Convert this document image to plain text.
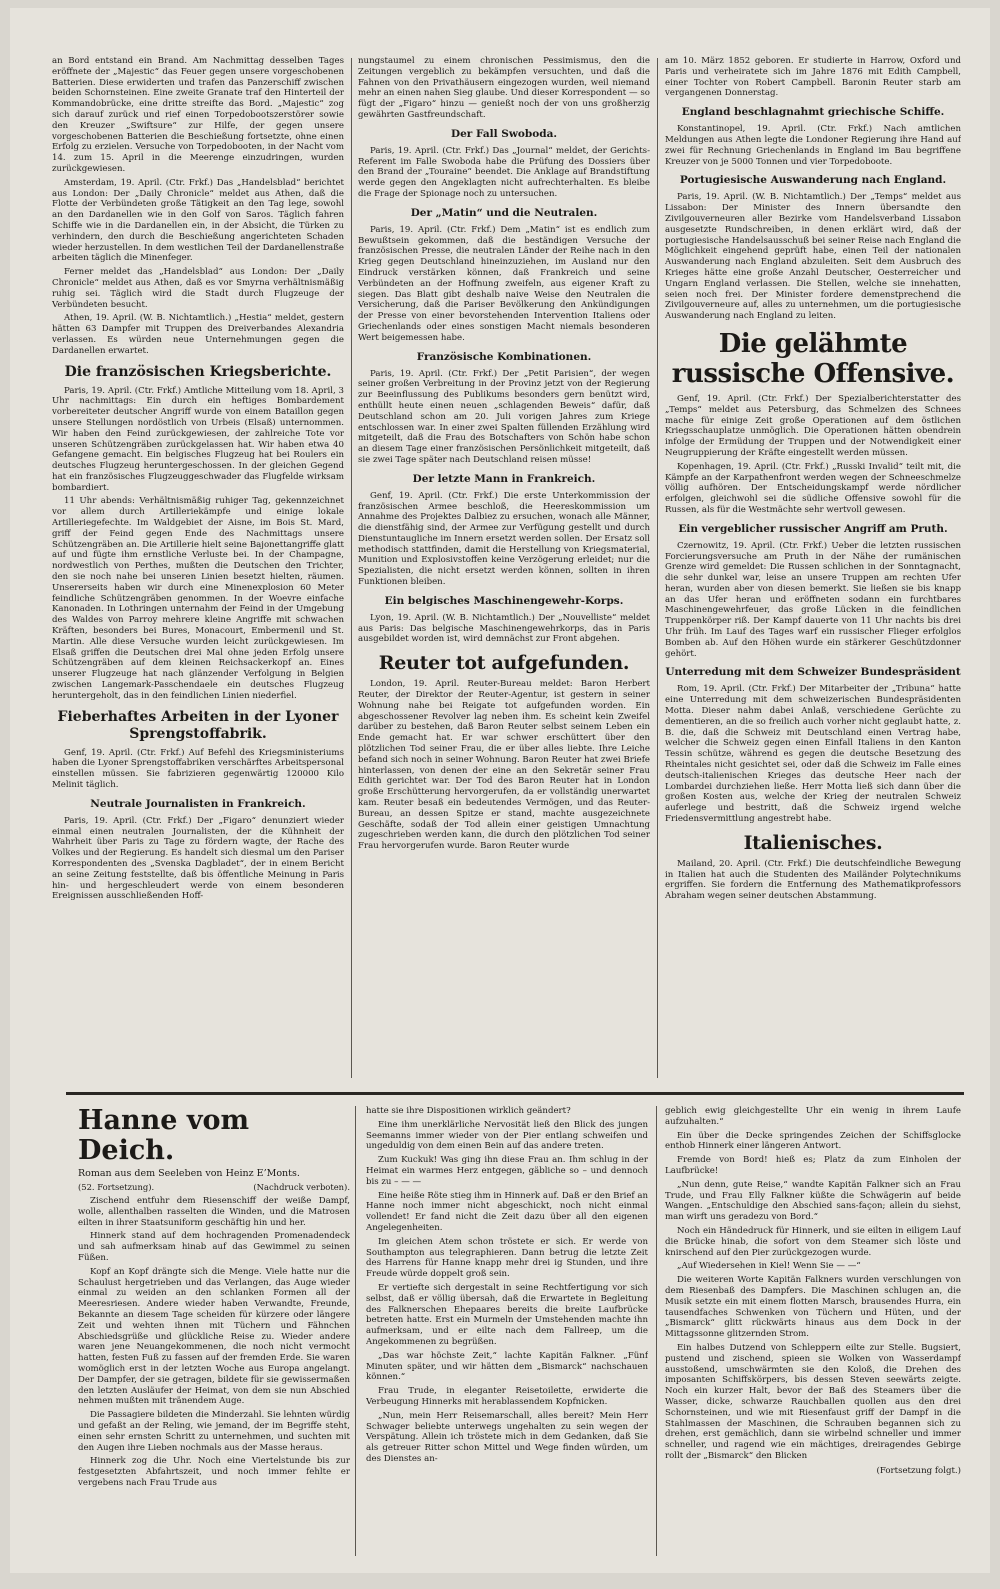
an Bord entstand ein Brand. Am Nachmittag desselben Tages eröffnete der „Majestic“ das Feuer gegen unsere vorgeschobenen Batterien. Diese erwiderten und trafen das Panzerschiff zwischen beiden Schornsteinen. Eine zweite Granate traf den Hinterteil der Kommandobrücke, eine dritte streifte das Bord. „Majestic“ zog sich darauf zurück und rief einen Torpedobootszerstörer sowie den Kreuzer „Swiftsure“ zur Hilfe, der gegen unsere vorgeschobenen Batterien die Beschießung fortsetzte, ohne einen Erfolg zu erzielen. Versuche von Torpedobooten, in der Nacht vom 14. zum 15. April in die Meerenge einzudringen, wurden zurückgewiesen.

Amsterdam, 19. April. (Ctr. Frkf.) Das „Handelsblad“ berichtet aus London: Der „Daily Chronicle“ meldet aus Athen, daß die Flotte der Verbündeten große Tätigkeit an den Tag lege, sowohl an den Dardanellen wie in den Golf von Saros. Täglich fahren Schiffe wie in die Dardanellen ein, in der Absicht, die Türken zu verhindern, den durch die Beschießung angerichteten Schaden wieder herzustellen. In dem westlichen Teil der Dardanellenstraße arbeiten täglich die Minenfeger.

Ferner meldet das „Handelsblad“ aus London: Der „Daily Chronicle“ meldet aus Athen, daß es vor Smyrna verhältnismäßig ruhig sei. Täglich wird die Stadt durch Flugzeuge der Verbündeten besucht.

Athen, 19. April. (W. B. Nichtamtlich.) „Hestia“ meldet, gestern hätten 63 Dampfer mit Truppen des Dreiverbandes Alexandria verlassen. Es würden neue Unternehmungen gegen die Dardanellen erwartet.

Die französischen Kriegsberichte.

Paris, 19. April. (Ctr. Frkf.) Amtliche Mitteilung vom 18. April, 3 Uhr nachmittags: Ein durch ein heftiges Bombardement vorbereiteter deutscher Angriff wurde von einem Bataillon gegen unsere Stellungen nordöstlich von Urbeis (Elsaß) unternommen. Wir haben den Feind zurückgewiesen, der zahlreiche Tote vor unseren Schützengräben zurückgelassen hat. Wir haben etwa 40 Gefangene gemacht. Ein belgisches Flugzeug hat bei Roulers ein deutsches Flugzeug heruntergeschossen. In der gleichen Gegend hat ein französisches Flugzeuggeschwader das Flugfelde wirksam bombardiert.

11 Uhr abends: Verhältnismäßig ruhiger Tag, gekennzeichnet vor allem durch Artilleriekämpfe und einige lokale Artilleriegefechte. Im Waldgebiet der Aisne, im Bois St. Mard, griff der Feind gegen Ende des Nachmittags unsere Schützengräben an. Die Artillerie hielt seine Bajonettangriffe glatt auf und fügte ihm ernstliche Verluste bei. In der Champagne, nordwestlich von Perthes, mußten die Deutschen den Trichter, den sie noch nahe bei unseren Linien besetzt hielten, räumen. Unsererseits haben wir durch eine Minenexplosion 60 Meter feindliche Schützengräben genommen. In der Woevre einfache Kanonaden. In Lothringen unternahm der Feind in der Umgebung des Waldes von Parroy mehrere kleine Angriffe mit schwachen Kräften, besonders bei Bures, Monacourt, Embermenil und St. Martin. Alle diese Versuche wurden leicht zurückgewiesen. Im Elsaß griffen die Deutschen drei Mal ohne jeden Erfolg unsere Schützengräben auf dem kleinen Reichsackerkopf an. Eines unserer Flugzeuge hat nach glänzender Verfolgung in Belgien zwischen Langemark-Passchendaele ein deutsches Flugzeug heruntergeholt, das in den feindlichen Linien niederfiel.

Fieberhaftes Arbeiten in der Lyoner Sprengstoffabrik.

Genf, 19. April. (Ctr. Frkf.) Auf Befehl des Kriegsministeriums haben die Lyoner Sprengstoffabriken verschärftes Arbeitspersonal einstellen müssen. Sie fabrizieren gegenwärtig 120000 Kilo Melinit täglich.

Neutrale Journalisten in Frankreich.

Paris, 19. April. (Ctr. Frkf.) Der „Figaro“ denunziert wieder einmal einen neutralen Journalisten, der die Kühnheit der Wahrheit über Paris zu Tage zu fördern wagte, der Rache des Volkes und der Regierung. Es handelt sich diesmal um den Pariser Korrespondenten des „Svenska Dagbladet“, der in einem Bericht an seine Zeitung feststellte, daß bis öffentliche Meinung in Paris hin- und hergeschleudert werde von einem besonderen Ereignissen ausschließenden Hoff-

nungstaumel zu einem chronischen Pessimismus, den die Zeitungen vergeblich zu bekämpfen versuchten, und daß die Fahnen von den Privathäusern eingezogen wurden, weil niemand mehr an einen nahen Sieg glaube. Und dieser Korrespondent — so fügt der „Figaro“ hinzu — genießt noch der von uns großherzig gewährten Gastfreundschaft.

Der Fall Swoboda.

Paris, 19. April. (Ctr. Frkf.) Das „Journal“ meldet, der Gerichts-Referent im Falle Swoboda habe die Prüfung des Dossiers über den Brand der „Touraine“ beendet. Die Anklage auf Brandstiftung werde gegen den Angeklagten nicht aufrechterhalten. Es bleibe die Frage der Spionage noch zu untersuchen.

Der „Matin“ und die Neutralen.

Paris, 19. April. (Ctr. Frkf.) Dem „Matin“ ist es endlich zum Bewußtsein gekommen, daß die beständigen Versuche der französischen Presse, die neutralen Länder der Reihe nach in den Krieg gegen Deutschland hineinzuziehen, im Ausland nur den Eindruck verstärken können, daß Frankreich und seine Verbündeten an der Hoffnung zweifeln, aus eigener Kraft zu siegen. Das Blatt gibt deshalb naive Weise den Neutralen die Versicherung, daß die Pariser Bevölkerung den Ankündigungen der Presse von einer bevorstehenden Intervention Italiens oder Griechenlands oder eines sonstigen Macht niemals besonderen Wert beigemessen habe.

Französische Kombinationen.

Paris, 19. April. (Ctr. Frkf.) Der „Petit Parisien“, der wegen seiner großen Verbreitung in der Provinz jetzt von der Regierung zur Beeinflussung des Publikums besonders gern benützt wird, enthüllt heute einen neuen „schlagenden Beweis“ dafür, daß Deutschland schon am 20. Juli vorigen Jahres zum Kriege entschlossen war. In einer zwei Spalten füllenden Erzählung wird mitgeteilt, daß die Frau des Botschafters von Schön habe schon an diesem Tage einer französischen Persönlichkeit mitgeteilt, daß sie zwei Tage später nach Deutschland reisen müsse!

Der letzte Mann in Frankreich.

Genf, 19. April. (Ctr. Frkf.) Die erste Unterkommission der französischen Armee beschloß, die Heereskommission um Annahme des Projektes Dalbiez zu ersuchen, wonach alle Männer, die dienstfähig sind, der Armee zur Verfügung gestellt und durch Dienstuntaugliche im Innern ersetzt werden sollen. Der Ersatz soll methodisch stattfinden, damit die Herstellung von Kriegsmaterial, Munition und Explosivstoffen keine Verzögerung erleidet; nur die Spezialisten, die nicht ersetzt werden können, sollten in ihren Funktionen bleiben.

Ein belgisches Maschinengewehr-Korps.

Lyon, 19. April. (W. B. Nichtamtlich.) Der „Nouvelliste“ meldet aus Paris: Das belgische Maschinengewehrkorps, das in Paris ausgebildet worden ist, wird demnächst zur Front abgehen.

Reuter tot aufgefunden.

London, 19. April. Reuter-Bureau meldet: Baron Herbert Reuter, der Direktor der Reuter-Agentur, ist gestern in seiner Wohnung nahe bei Reigate tot aufgefunden worden. Ein abgeschossener Revolver lag neben ihm. Es scheint kein Zweifel darüber zu bestehen, daß Baron Reuter selbst seinem Leben ein Ende gemacht hat. Er war schwer erschüttert über den plötzlichen Tod seiner Frau, die er über alles liebte. Ihre Leiche befand sich noch in seiner Wohnung. Baron Reuter hat zwei Briefe hinterlassen, von denen der eine an den Sekretär seiner Frau Edith gerichtet war. Der Tod des Baron Reuter hat in London große Erschütterung hervorgerufen, da er vollständig unerwartet kam. Reuter besaß ein bedeutendes Vermögen, und das Reuter-Bureau, an dessen Spitze er stand, machte ausgezeichnete Geschäfte, sodaß der Tod allein einer geistigen Umnachtung zugeschrieben werden kann, die durch den plötzlichen Tod seiner Frau hervorgerufen wurde. Baron Reuter wurde

am 10. März 1852 geboren. Er studierte in Harrow, Oxford und Paris und verheiratete sich im Jahre 1876 mit Edith Campbell, einer Tochter von Robert Campbell. Baronin Reuter starb am vergangenen Donnerstag.

England beschlagnahmt griechische Schiffe.

Konstantinopel, 19. April. (Ctr. Frkf.) Nach amtlichen Meldungen aus Athen legte die Londoner Regierung ihre Hand auf zwei für Rechnung Griechenlands in England im Bau begriffene Kreuzer von je 5000 Tonnen und vier Torpedoboote.

Portugiesische Auswanderung nach England.

Paris, 19. April. (W. B. Nichtamtlich.) Der „Temps“ meldet aus Lissabon: Der Minister des Innern übersandte den Zivilgouverneuren aller Bezirke vom Handelsverband Lissabon ausgesetzte Rundschreiben, in denen erklärt wird, daß der portugiesische Handelsausschuß bei seiner Reise nach England die Möglichkeit eingehend geprüft habe, einen Teil der nationalen Auswanderung nach England abzuleiten. Seit dem Ausbruch des Krieges hätte eine große Anzahl Deutscher, Oesterreicher und Ungarn England verlassen. Die Stellen, welche sie innehatten, seien noch frei. Der Minister fordere demenstprechend die Zivilgouverneure auf, alles zu unternehmen, um die portugiesische Auswanderung nach England zu leiten.

Die gelähmte russische Offensive.

Genf, 19. April. (Ctr. Frkf.) Der Spezialberichterstatter des „Temps“ meldet aus Petersburg, das Schmelzen des Schnees mache für einige Zeit große Operationen auf dem östlichen Kriegsschauplatze unmöglich. Die Operationen hätten obendrein infolge der Ermüdung der Truppen und der Notwendigkeit einer Neugruppierung der Kräfte eingestellt werden müssen.

Kopenhagen, 19. April. (Ctr. Frkf.) „Russki Invalid“ teilt mit, die Kämpfe an der Karpathenfront werden wegen der Schneeschmelze völlig aufhören. Der Entscheidungskampf werde nördlicher erfolgen, gleichwohl sei die südliche Offensive sowohl für die Russen, als für die Westmächte sehr wertvoll gewesen.

Ein vergeblicher russischer Angriff am Pruth.

Czernowitz, 19. April. (Ctr. Frkf.) Ueber die letzten russischen Forcierungsversuche am Pruth in der Nähe der rumänischen Grenze wird gemeldet: Die Russen schlichen in der Sonntagnacht, die sehr dunkel war, leise an unsere Truppen am rechten Ufer heran, wurden aber von diesen bemerkt. Sie ließen sie bis knapp an das Ufer heran und eröffneten sodann ein furchtbares Maschinengewehrfeuer, das große Lücken in die feindlichen Truppenkörper riß. Der Kampf dauerte von 11 Uhr nachts bis drei Uhr früh. Im Lauf des Tages warf ein russischer Flieger erfolglos Bomben ab. Auf den Höhen wurde ein stärkerer Geschützdonner gehört.

Unterredung mit dem Schweizer Bundespräsident

Rom, 19. April. (Ctr. Frkf.) Der Mitarbeiter der „Tribuna“ hatte eine Unterredung mit dem schweizerischen Bundespräsidenten Motta. Dieser nahm dabei Anlaß, verschiedene Gerüchte zu dementieren, an die so freilich auch vorher nicht geglaubt hatte, z. B. die, daß die Schweiz mit Deutschland einen Vertrag habe, welcher die Schweiz gegen einen Einfall Italiens in den Kanton Tessin schütze, während es gegen die deutsche Besetzung des Rheintales nicht gesichtet sei, oder daß die Schweiz im Falle eines deutsch-italienischen Krieges das deutsche Heer nach der Lombardei durchziehen ließe. Herr Motta ließ sich dann über die großen Kosten aus, welche der Krieg der neutralen Schweiz auferlege und bestritt, daß die Schweiz irgend welche Friedensvermittlung angestrebt habe.

Italienisches.

Mailand, 20. April. (Ctr. Frkf.) Die deutschfeindliche Bewegung in Italien hat auch die Studenten des Mailänder Polytechnikums ergriffen. Sie fordern die Entfernung des Mathematikprofessors Abraham wegen seiner deutschen Abstammung.

Hanne vom Deich.
Roman aus dem Seeleben von Heinz E’Monts.
(52. Fortsetzung).	(Nachdruck verboten).

Zischend entfuhr dem Riesenschiff der weiße Dampf, wolle, allenthalben rasselten die Winden, und die Matrosen eilten in ihrer Staatsuniform geschäftig hin und her.

Hinnerk stand auf dem hochragenden Promenadendeck und sah aufmerksam hinab auf das Gewimmel zu seinen Füßen.

Kopf an Kopf drängte sich die Menge. Viele hatte nur die Schaulust hergetrieben und das Verlangen, das Auge wieder einmal zu weiden an den schlanken Formen all der Meeresriesen. Andere wieder haben Verwandte, Freunde, Bekannte an diesem Tage scheiden für kürzere oder längere Zeit und wehten ihnen mit Tüchern und Fähnchen Abschiedsgrüße und glückliche Reise zu. Wieder andere waren jene Neuangekommenen, die noch nicht vermocht hatten, festen Fuß zu fassen auf der fremden Erde. Sie waren womöglich erst in der letzten Woche aus Europa angelangt. Der Dampfer, der sie getragen, bildete für sie gewissermaßen den letzten Ausläufer der Heimat, von dem sie nun Abschied nehmen mußten mit tränendem Auge.

Die Passagiere bildeten die Minderzahl. Sie lehnten würdig und gefaßt an der Reling, wie jemand, der im Begriffe steht, einen sehr ernsten Schritt zu unternehmen, und suchten mit den Augen ihre Lieben nochmals aus der Masse heraus.

Hinnerk zog die Uhr. Noch eine Viertelstunde bis zur festgesetzten Abfahrtszeit, und noch immer fehlte er vergebens nach Frau Trude aus

hatte sie ihre Dispositionen wirklich geändert?

Eine ihm unerklärliche Nervosität ließ den Blick des jungen Seemanns immer wieder von der Pier entlang schweifen und ungeduldig von dem einen Bein auf das andere treten.

Zum Kuckuk! Was ging ihn diese Frau an. Ihm schlug in der Heimat ein warmes Herz entgegen, gäbliche so – und dennoch bis zu – — —

Eine heiße Röte stieg ihm in Hinnerk auf. Daß er den Brief an Hanne noch immer nicht abgeschickt, noch nicht einmal vollendet! Er fand nicht die Zeit dazu über all den eigenen Angelegenheiten.

Im gleichen Atem schon tröstete er sich. Er werde von Southampton aus telegraphieren. Dann betrug die letzte Zeit des Harrens für Hanne knapp mehr drei ig Stunden, und ihre Freude würde doppelt groß sein.

Er vertiefte sich dergestalt in seine Rechtfertigung vor sich selbst, daß er völlig übersah, daß die Erwartete in Begleitung des Falknerschen Ehepaares bereits die breite Laufbrücke betreten hatte. Erst ein Murmeln der Umstehenden machte ihn aufmerksam, und er eilte nach dem Fallreep, um die Angekommenen zu begrüßen.

„Das war höchste Zeit,“ lachte Kapitän Falkner. „Fünf Minuten später, und wir hätten dem „Bismarck“ nachschauen können.“

Frau Trude, in eleganter Reisetoilette, erwiderte die Verbeugung Hinnerks mit herablassendem Kopfnicken.

„Nun, mein Herr Reisemarschall, alles bereit? Mein Herr Schwager beliebte unterwegs ungehalten zu sein wegen der Verspätung. Allein ich tröstete mich in dem Gedanken, daß Sie als getreuer Ritter schon Mittel und Wege finden würden, um des Dienstes an-

geblich ewig gleichgestellte Uhr ein wenig in ihrem Laufe aufzuhalten.“

Ein über die Decke springendes Zeichen der Schiffsglocke enthob Hinnerk einer längeren Antwort.

Fremde von Bord! hieß es; Platz da zum Einholen der Laufbrücke!

„Nun denn, gute Reise,“ wandte Kapitän Falkner sich an Frau Trude, und Frau Elly Falkner küßte die Schwägerin auf beide Wangen. „Entschuldige den Abschied sans-façon; allein du siehst, man wirft uns geradezu von Bord.“

Noch ein Händedruck für Hinnerk, und sie eilten in eiligem Lauf die Brücke hinab, die sofort von dem Steamer sich löste und knirschend auf den Pier zurückgezogen wurde.

„Auf Wiedersehen in Kiel! Wenn Sie — —“

Die weiteren Worte Kapitän Falkners wurden verschlungen von dem Riesenbaß des Dampfers. Die Maschinen schlugen an, die Musik setzte ein mit einem flotten Marsch, brausendes Hurra, ein tausendfaches Schwenken von Tüchern und Hüten, und der „Bismarck“ glitt rückwärts hinaus aus dem Dock in der Mittagssonne glitzernden Strom.

Ein halbes Dutzend von Schleppern eilte zur Stelle. Bugsiert, pustend und zischend, spieen sie Wolken von Wasserdampf ausstoßend, umschwärmten sie den Koloß, die Drehen des imposanten Schiffskörpers, bis dessen Steven seewärts zeigte. Noch ein kurzer Halt, bevor der Baß des Steamers über die Wasser, dicke, schwarze Rauchballen quollen aus den drei Schornsteinen, und wie mit Riesenfaust griff der Dampf in die Stahlmassen der Maschinen, die Schrauben begannen sich zu drehen, erst gemächlich, dann sie wirbelnd schneller und immer schneller, und ragend wie ein mächtiges, dreiragendes Gebirge rollt der „Bismarck“ den Blicken

(Fortsetzung folgt.)
